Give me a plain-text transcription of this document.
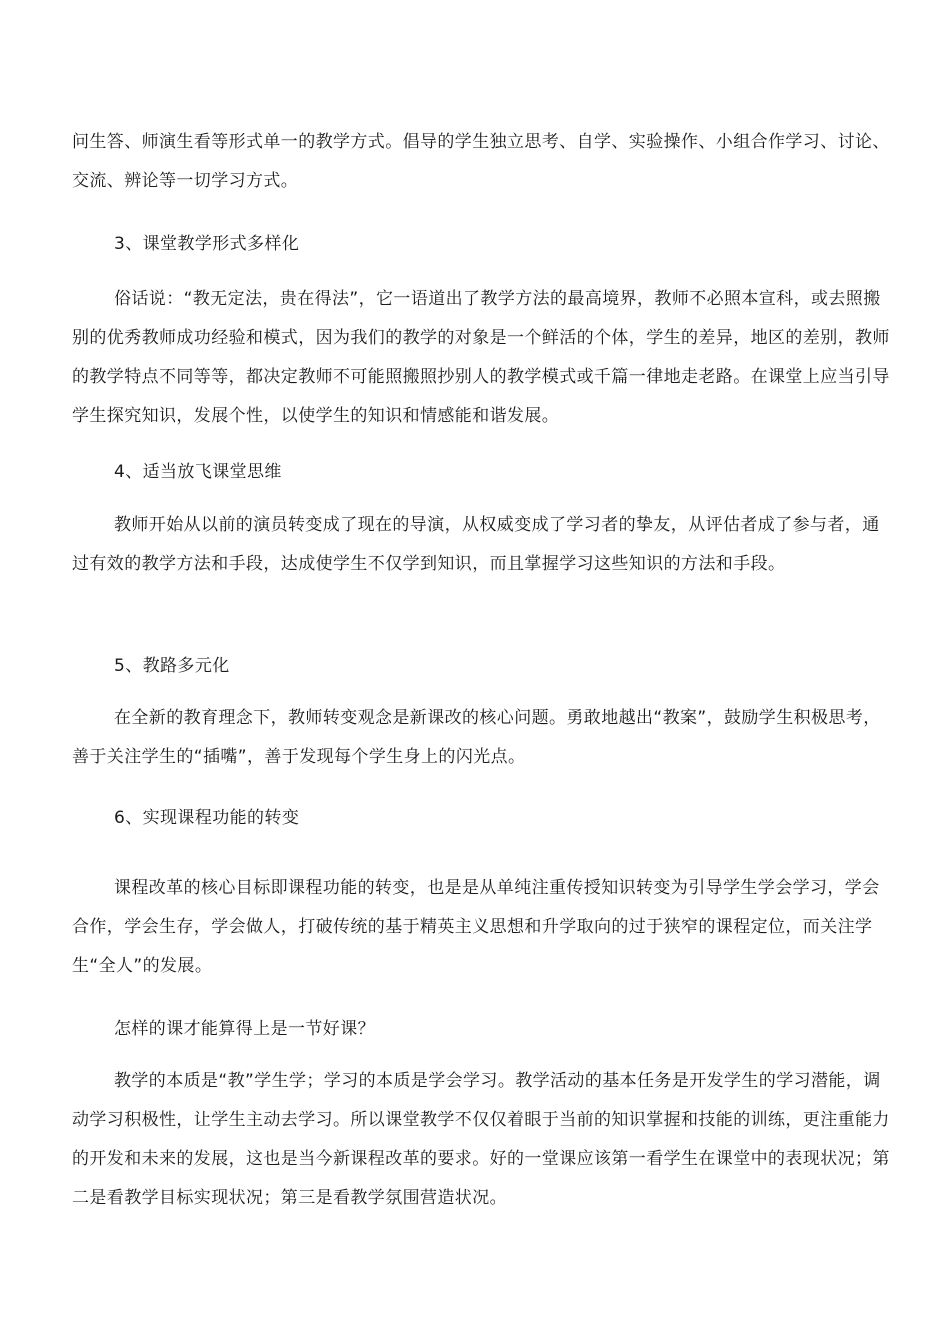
问生答、师演生看等形式单一的教学方式。倡导的学生独立思考、自学、实验操作、小组合作学习、讨论、交流、辨论等一切学习方式。

3、课堂教学形式多样化

俗话说：“教无定法，贵在得法”，它一语道出了教学方法的最高境界，教师不必照本宣科，或去照搬别的优秀教师成功经验和模式，因为我们的教学的对象是一个鲜活的个体，学生的差异，地区的差别，教师的教学特点不同等等，都决定教师不可能照搬照抄别人的教学模式或千篇一律地走老路。在课堂上应当引导学生探究知识，发展个性，以使学生的知识和情感能和谐发展。

4、适当放飞课堂思维

教师开始从以前的演员转变成了现在的导演，从权威变成了学习者的挚友，从评估者成了参与者，通过有效的教学方法和手段，达成使学生不仅学到知识，而且掌握学习这些知识的方法和手段。

5、教路多元化

在全新的教育理念下，教师转变观念是新课改的核心问题。勇敢地越出“教案”，鼓励学生积极思考，善于关注学生的“插嘴”，善于发现每个学生身上的闪光点。

6、实现课程功能的转变

课程改革的核心目标即课程功能的转变，也是是从单纯注重传授知识转变为引导学生学会学习，学会合作，学会生存，学会做人，打破传统的基于精英主义思想和升学取向的过于狭窄的课程定位，而关注学生“全人”的发展。

怎样的课才能算得上是一节好课？

教学的本质是“教”学生学；学习的本质是学会学习。教学活动的基本任务是开发学生的学习潜能，调动学习积极性，让学生主动去学习。所以课堂教学不仅仅着眼于当前的知识掌握和技能的训练，更注重能力的开发和未来的发展，这也是当今新课程改革的要求。好的一堂课应该第一看学生在课堂中的表现状况；第二是看教学目标实现状况；第三是看教学氛围营造状况。
